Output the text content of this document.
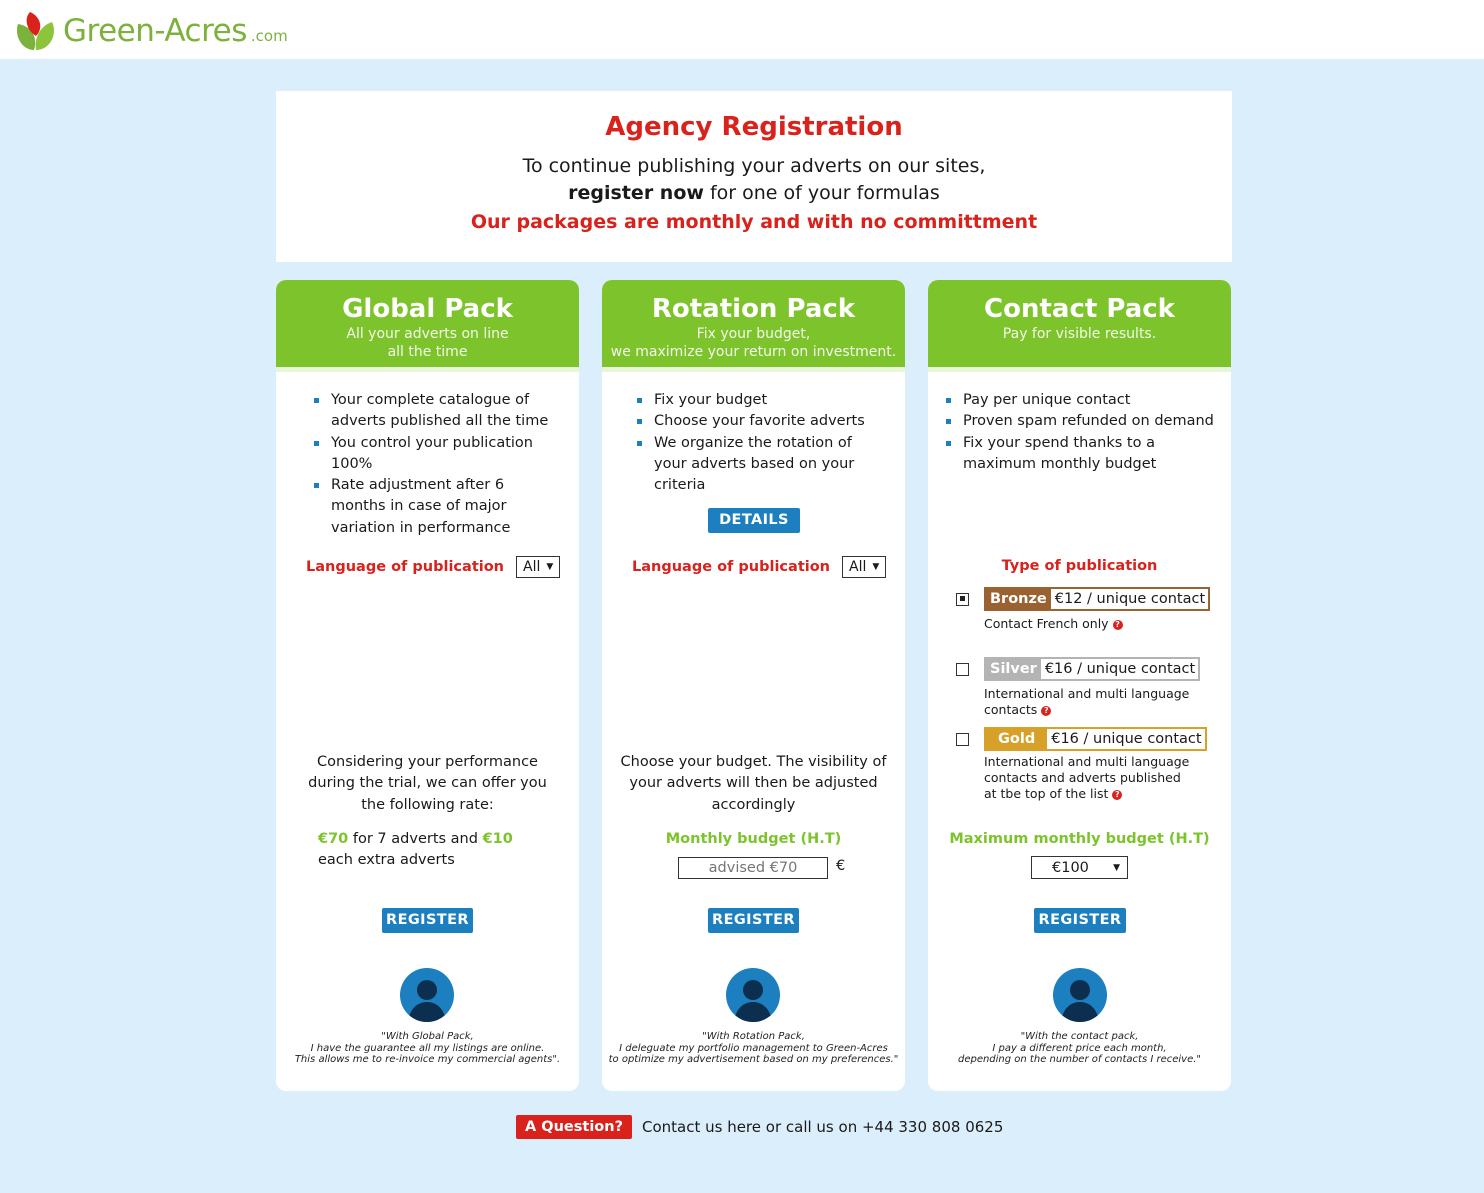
Green-Acres .com
Agency Registration

To continue publishing your adverts on our sites,

register now for one of your formulas

Our packages are monthly and with no committment

Global Pack
All your adverts on line
all the time
Your complete catalogue of adverts published all the time
You control your publication 100%
Rate adjustment after 6 months in case of major variation in performance
Language of publication All ▼
Considering your performance during the trial, we can offer you the following rate:
€70 for 7 adverts and €10 each extra adverts
REGISTER
"With Global Pack,
I have the guarantee all my listings are online.
This allows me to re-invoice my commercial agents".
Rotation Pack
Fix your budget,
we maximize your return on investment.
Fix your budget
Choose your favorite adverts
We organize the rotation of your adverts based on your criteria
DETAILS
Language of publication All ▼
Choose your budget. The visibility of your adverts will then be adjusted accordingly
Monthly budget (H.T)
advised €70
€
REGISTER
"With Rotation Pack,
I deleguate my portfolio management to Green-Acres
to optimize my advertisement based on my preferences."
Contact Pack
Pay for visible results.
Pay per unique contact
Proven spam refunded on demand
Fix your spend thanks to a maximum monthly budget
Type of publication
Bronze €12 / unique contact
Contact French only ?
Silver €16 / unique contact
International and multi language contacts ?
Gold	€16 / unique contact
International and multi language contacts and adverts published at tbe top of the list ?
Maximum monthly budget (H.T)
€100	▼
REGISTER
"With the contact pack,
I pay a different price each month,
depending on the number of contacts I receive."
A Question?	Contact us here or call us on +44 330 808 0625
